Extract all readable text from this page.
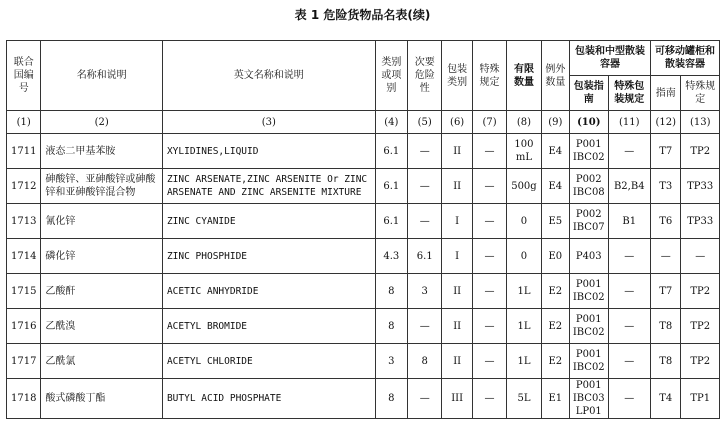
表 1 危险货物品名表(续)
联合国编号	名称和说明	英文名称和说明	类别或项别	次要危险性	包装类别	特殊规定	有限数量	例外数量	包装和中型散装容器		可移动罐柜和散装容器	
									包装指南	特殊包装规定	指南	特殊规定
(1)	(2)	(3)	(4)	(5)	(6)	(7)	(8)	(9)	(10)	(11)	(12)	(13)
1711	液态二甲基苯胺	XYLIDINES,LIQUID	6.1	—	II	—	100 mL	E4	P001 IBC02	—	T7	TP2
1712	砷酸锌、亚砷酸锌或砷酸锌和亚砷酸锌混合物	ZINC ARSENATE,ZINC ARSENITE Or ZINC ARSENATE AND ZINC ARSENITE MIXTURE	6.1	—	II	—	500g	E4	P002 IBC08	B2,B4	T3	TP33
1713	氰化锌	ZINC CYANIDE	6.1	—	I	—	0	E5	P002 IBC07	B1	T6	TP33
1714	磷化锌	ZINC PHOSPHIDE	4.3	6.1	I	—	0	E0	P403	—	—	—
1715	乙酸酐	ACETIC ANHYDRIDE	8	3	II	—	1L	E2	P001 IBC02	—	T7	TP2
1716	乙酰溴	ACETYL BROMIDE	8	—	II	—	1L	E2	P001 IBC02	—	T8	TP2
1717	乙酰氯	ACETYL CHLORIDE	3	8	II	—	1L	E2	P001 IBC02	—	T8	TP2
1718	酸式磷酸丁酯	BUTYL ACID PHOSPHATE	8	—	III	—	5L	E1	P001 IBC03 LP01	—	T4	TP1
